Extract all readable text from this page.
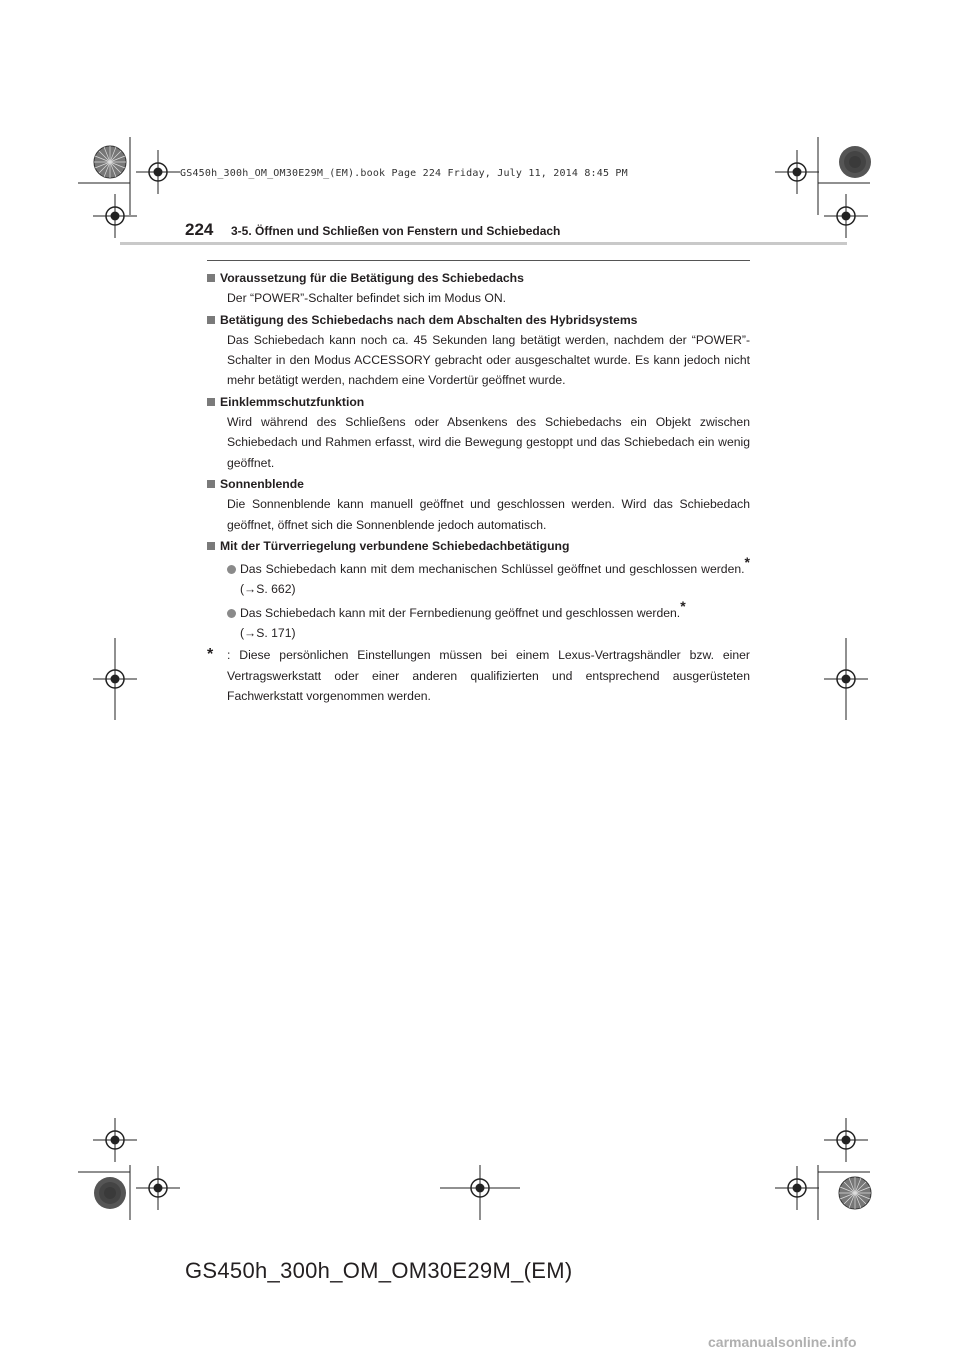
GS450h_300h_OM_OM30E29M_(EM).book Page 224 Friday, July 11, 2014 8:45 PM
224 3-5. Öffnen und Schließen von Fenstern und Schiebedach
Voraussetzung für die Betätigung des Schiebedachs
Der “POWER”-Schalter befindet sich im Modus ON.
Betätigung des Schiebedachs nach dem Abschalten des Hybridsystems
Das Schiebedach kann noch ca. 45 Sekunden lang betätigt werden, nachdem der “POWER”-Schalter in den Modus ACCESSORY gebracht oder ausgeschaltet wurde. Es kann jedoch nicht mehr betätigt werden, nachdem eine Vordertür geöffnet wurde.
Einklemmschutzfunktion
Wird während des Schließens oder Absenkens des Schiebedachs ein Objekt zwischen Schiebedach und Rahmen erfasst, wird die Bewegung gestoppt und das Schiebedach ein wenig geöffnet.
Sonnenblende
Die Sonnenblende kann manuell geöffnet und geschlossen werden. Wird das Schiebedach geöffnet, öffnet sich die Sonnenblende jedoch automatisch.
Mit der Türverriegelung verbundene Schiebedachbetätigung
Das Schiebedach kann mit dem mechanischen Schlüssel geöffnet und geschlossen werden.* (→S. 662)
Das Schiebedach kann mit der Fernbedienung geöffnet und geschlossen werden.*
(→S. 171)
*	: Diese persönlichen Einstellungen müssen bei einem Lexus-Vertragshändler bzw. einer Vertragswerkstatt oder einer anderen qualifizierten und entsprechend ausgerüsteten Fachwerkstatt vorgenommen werden.
GS450h_300h_OM_OM30E29M_(EM)
carmanualsonline.info
